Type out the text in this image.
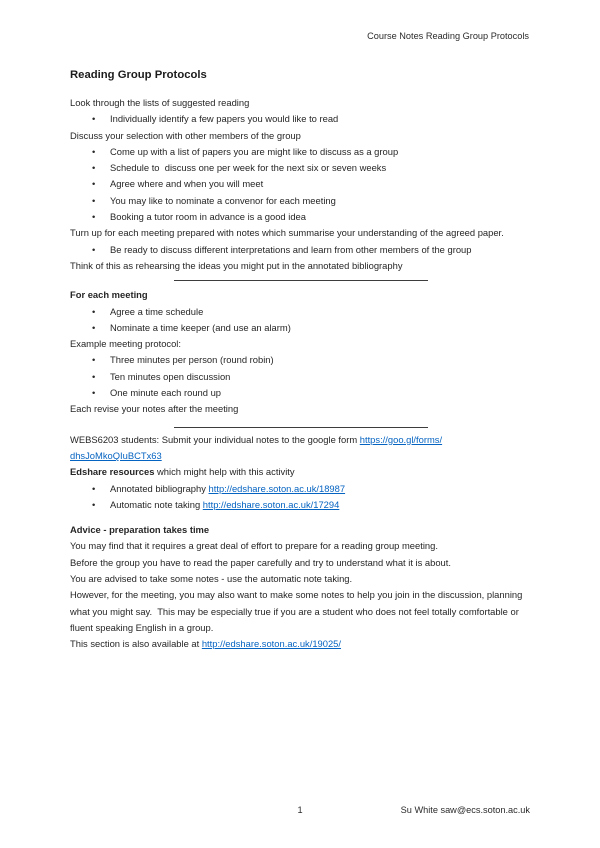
Course Notes Reading Group Protocols
Reading Group Protocols
Look through the lists of suggested reading
• Individually identify a few papers you would like to read
Discuss your selection with other members of the group
• Come up with a list of papers you are might like to discuss as a group
• Schedule to  discuss one per week for the next six or seven weeks
• Agree where and when you will meet
• You may like to nominate a convenor for each meeting
• Booking a tutor room in advance is a good idea
Turn up for each meeting prepared with notes which summarise your understanding of the agreed paper.
• Be ready to discuss different interpretations and learn from other members of the group
Think of this as rehearsing the ideas you might put in the annotated bibliography
For each meeting
• Agree a time schedule
• Nominate a time keeper (and use an alarm)
Example meeting protocol:
• Three minutes per person (round robin)
• Ten minutes open discussion
• One minute each round up
Each revise your notes after the meeting
WEBS6203 students: Submit your individual notes to the google form https://goo.gl/forms/
dhsJoMkoQIuBCTx63
Edshare resources which might help with this activity
• Annotated bibliography http://edshare.soton.ac.uk/18987
• Automatic note taking http://edshare.soton.ac.uk/17294
Advice - preparation takes time
You may find that it requires a great deal of effort to prepare for a reading group meeting.
Before the group you have to read the paper carefully and try to understand what it is about.
You are advised to take some notes - use the automatic note taking.
However, for the meeting, you may also want to make some notes to help you join in the discussion, planning what you might say.  This may be especially true if you are a student who does not feel totally comfortable or fluent speaking English in a group.
This section is also available at http://edshare.soton.ac.uk/19025/
1	Su White saw@ecs.soton.ac.uk
